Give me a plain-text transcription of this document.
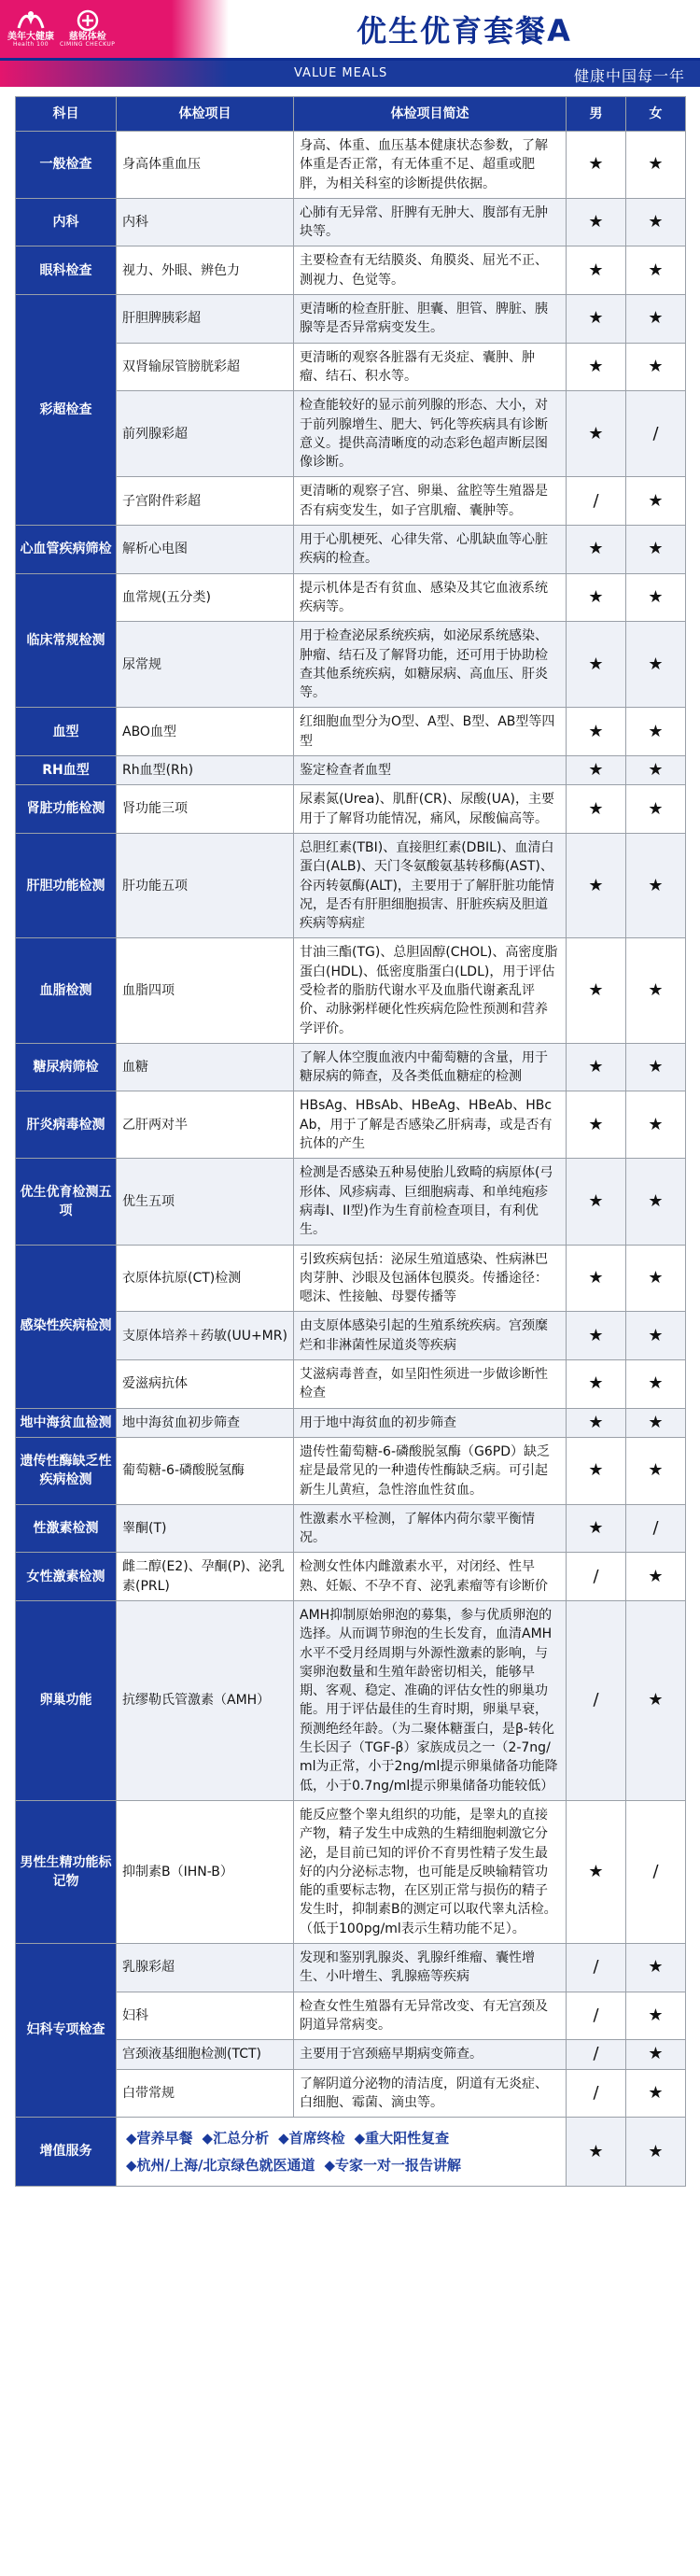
美年大健康
Health 100
慈铭体检
CIMING CHECKUP	优生优育套餐A
VALUE MEALS	健康中国每一年
科目	体检项目	体检项目简述	男	女
一般检查	身高体重血压	身高、体重、血压基本健康状态参数，了解体重是否正常，有无体重不足、超重或肥胖，为相关科室的诊断提供依据。	★	★
内科	内科	心肺有无异常、肝脾有无肿大、腹部有无肿块等。	★	★
眼科检查	视力、外眼、辨色力	主要检查有无结膜炎、角膜炎、屈光不正、测视力、色觉等。	★	★
彩超检查	肝胆脾胰彩超	更清晰的检查肝脏、胆囊、胆管、脾脏、胰腺等是否异常病变发生。	★	★
	双肾输尿管膀胱彩超	更清晰的观察各脏器有无炎症、囊肿、肿瘤、结石、积水等。	★	★
	前列腺彩超	检查能较好的显示前列腺的形态、大小，对于前列腺增生、肥大、钙化等疾病具有诊断意义。提供高清晰度的动态彩色超声断层图像诊断。	★	/
	子宫附件彩超	更清晰的观察子宫、卵巢、盆腔等生殖器是否有病变发生，如子宫肌瘤、囊肿等。	/	★
心血管疾病筛检	解析心电图	用于心肌梗死、心律失常、心肌缺血等心脏疾病的检查。	★	★
临床常规检测	血常规(五分类)	提示机体是否有贫血、感染及其它血液系统疾病等。	★	★
	尿常规	用于检查泌尿系统疾病，如泌尿系统感染、肿瘤、结石及了解肾功能，还可用于协助检查其他系统疾病，如糖尿病、高血压、肝炎等。	★	★
血型	ABO血型	红细胞血型分为O型、A型、B型、AB型等四型	★	★
RH血型	Rh血型(Rh)	鉴定检查者血型	★	★
肾脏功能检测	肾功能三项	尿素氮(Urea)、肌酐(CR)、尿酸(UA)，主要用于了解肾功能情况，痛风，尿酸偏高等。	★	★
肝胆功能检测	肝功能五项	总胆红素(TBI)、直接胆红素(DBIL)、血清白蛋白(ALB)、天门冬氨酸氨基转移酶(AST)、谷丙转氨酶(ALT)，主要用于了解肝脏功能情况，是否有肝胆细胞损害、肝脏疾病及胆道疾病等病症	★	★
血脂检测	血脂四项	甘油三酯(TG)、总胆固醇(CHOL)、高密度脂蛋白(HDL)、低密度脂蛋白(LDL)，用于评估受检者的脂肪代谢水平及血脂代谢紊乱评价、动脉粥样硬化性疾病危险性预测和营养学评价。	★	★
糖尿病筛检	血糖	了解人体空腹血液内中葡萄糖的含量，用于糖尿病的筛查，及各类低血糖症的检测	★	★
肝炎病毒检测	乙肝两对半	HBsAg、HBsAb、HBeAg、HBeAb、HBcAb，用于了解是否感染乙肝病毒，或是否有抗体的产生	★	★
优生优育检测五项	优生五项	检测是否感染五种易使胎儿致畸的病原体(弓形体、风疹病毒、巨细胞病毒、和单纯疱疹病毒I、II型)作为生育前检查项目，有利优生。	★	★
感染性疾病检测	衣原体抗原(CT)检测	引致疾病包括：泌尿生殖道感染、性病淋巴肉芽肿、沙眼及包涵体包膜炎。传播途径：嗯沫、性接触、母婴传播等	★	★
	支原体培养＋药敏(UU+MR)	由支原体感染引起的生殖系统疾病。宫颈糜烂和非淋菌性尿道炎等疾病	★	★
	爱滋病抗体	艾滋病毒普查，如呈阳性须进一步做诊断性检查	★	★
地中海贫血检测	地中海贫血初步筛查	用于地中海贫血的初步筛查	★	★
遗传性酶缺乏性疾病检测	葡萄糖-6-磷酸脱氢酶	遗传性葡萄糖-6-磷酸脱氢酶（G6PD）缺乏症是最常见的一种遗传性酶缺乏病。可引起新生儿黄疸，急性溶血性贫血。	★	★
性激素检测	睾酮(T)	性激素水平检测，了解体内荷尔蒙平衡情况。	★	/
女性激素检测	雌二醇(E2)、孕酮(P)、泌乳素(PRL)	检测女性体内雌激素水平，对闭经、性早熟、妊娠、不孕不育、泌乳素瘤等有诊断价	/	★
卵巢功能	抗缪勒氏管激素（AMH）	AMH抑制原始卵泡的募集，参与优质卵泡的选择。从而调节卵泡的生长发育，血清AMH水平不受月经周期与外源性激素的影响，与窦卵泡数量和生殖年龄密切相关，能够早期、客观、稳定、准确的评估女性的卵巢功能。用于评估最佳的生育时期，卵巢早衰，预测绝经年龄。（为二聚体糖蛋白，是β-转化生长因子（TGF-β）家族成员之一（2-7ng/ml为正常，小于2ng/ml提示卵巢储备功能降低，小于0.7ng/ml提示卵巢储备功能较低）	/	★
男性生精功能标记物	抑制素B（IHN-B）	能反应整个睾丸组织的功能，是睾丸的直接产物，精子发生中成熟的生精细胞刺激它分泌，是目前已知的评价不育男性精子发生最好的内分泌标志物，也可能是反映输精管功能的重要标志物，在区别正常与损伤的精子发生时，抑制素B的测定可以取代睾丸活检。（低于100pg/ml表示生精功能不足）。	★	/
妇科专项检查	乳腺彩超	发现和鉴别乳腺炎、乳腺纤维瘤、囊性增生、小叶增生、乳腺癌等疾病	/	★
	妇科	检查女性生殖器有无异常改变、有无宫颈及阴道异常病变。	/	★
	宫颈液基细胞检测(TCT)	主要用于宫颈癌早期病变筛查。	/	★
	白带常规	了解阴道分泌物的清洁度，阴道有无炎症、白细胞、霉菌、滴虫等。	/	★
增值服务	◆营养早餐 ◆汇总分析 ◆首席终检 ◆重大阳性复查◆杭州/上海/北京绿色就医通道 ◆专家一对一报告讲解		★	★
